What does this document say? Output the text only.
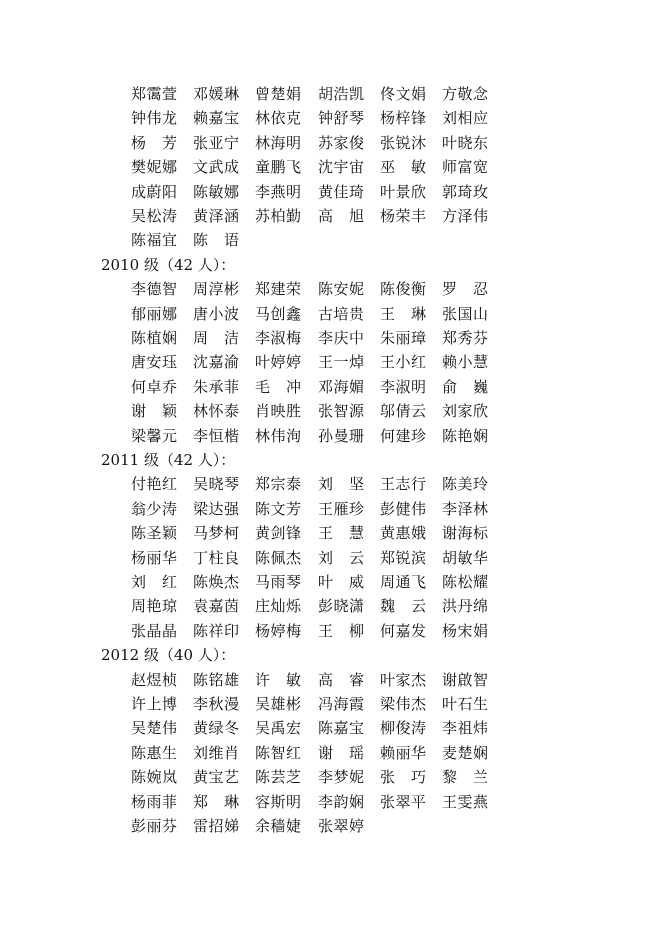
郑霭萱 邓媛琳 曾楚娟 胡浩凯 佟文娟 方敬念
钟伟龙 赖嘉宝 林依克 钟舒琴 杨梓锋 刘相应
杨　芳 张亚宁 林海明 苏家俊 张锐沐 叶晓东
樊妮娜 文武成 童鹏飞 沈宇宙 巫　敏 师富宽
成蔚阳 陈敏娜 李燕明 黄佳琦 叶景欣 郭琦玫
吴松涛 黄泽涵 苏柏勤 高　旭 杨荣丰 方泽伟
陈福宜 陈　语
2010 级（42 人）：
李德智 周淳彬 郑建荣 陈安妮 陈俊衡 罗　忍
郁丽娜 唐小波 马创鑫 古培贵 王　琳 张国山
陈植娴 周　洁 李淑梅 李庆中 朱丽璋 郑秀芬
唐安珏 沈嘉渝 叶婷婷 王一焯 王小红 赖小慧
何卓乔 朱承菲 毛　冲 邓海媚 李淑明 俞　巍
谢　颖 林怀泰 肖映胜 张智源 邬倩云 刘家欣
梁馨元 李恒楷 林伟洵 孙曼珊 何建珍 陈艳娴
2011 级（42 人）：
付艳红 吴晓琴 郑宗泰 刘　坚 王志行 陈美玲
翁少涛 梁达强 陈文芳 王雁珍 彭健伟 李泽林
陈圣颖 马梦柯 黄剑锋 王　慧 黄惠娥 谢海标
杨丽华 丁柱良 陈佩杰 刘　云 郑锐滨 胡敏华
刘　红 陈焕杰 马雨琴 叶　威 周通飞 陈松耀
周艳琼 袁嘉茵 庄灿烁 彭晓潇 魏　云 洪丹绵
张晶晶 陈祥印 杨婷梅 王　柳 何嘉发 杨宋娟
2012 级（40 人）：
赵煜桢 陈铭雄 许　敏 高　睿 叶家杰 谢啟智
许上博 李秋漫 吴雄彬 冯海霞 梁伟杰 叶石生
吴楚伟 黄绿冬 吴禹宏 陈嘉宝 柳俊涛 李祖炜
陈惠生 刘维肖 陈智红 谢　瑶 赖丽华 麦楚娴
陈婉岚 黄宝艺 陈芸芝 李梦妮 张　巧 黎　兰
杨雨菲 郑　琳 容斯明 李韵娴 张翠平 王雯燕
彭丽芬 雷招娣 余穑婕 张翠婷
